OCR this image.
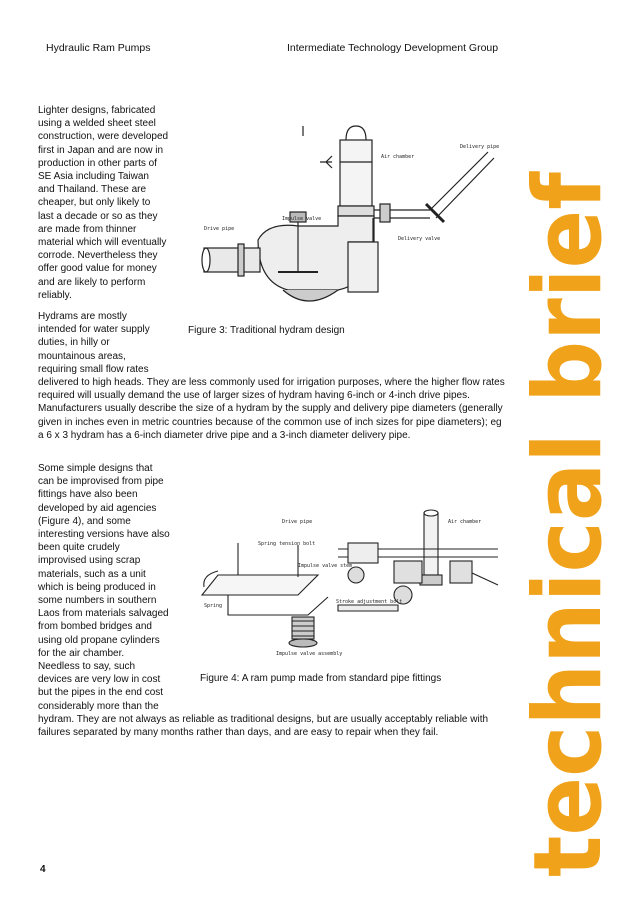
Hydraulic Ram Pumps	Intermediate Technology Development Group
Lighter designs, fabricated
using a welded sheet steel
construction, were developed
first in Japan and are now in
production in other parts of
SE Asia including Taiwan
and Thailand. These are
cheaper, but only likely to
last a decade or so as they
are made from thinner
material which will eventually
corrode. Nevertheless they
offer good value for money
and are likely to perform
reliably.
Air chamber
Delivery pipe
Impulse valve
Drive pipe
Delivery valve
Figure 3: Traditional hydram design
Hydrams are mostly
intended for water supply
duties, in hilly or
mountainous areas,
requiring small flow rates
delivered to high heads. They are less commonly used for irrigation purposes, where the higher flow rates required will usually demand the use of larger sizes of hydram having 6-inch or 4-inch drive pipes. Manufacturers usually describe the size of a hydram by the supply and delivery pipe diameters (generally given in inches even in metric countries because of the common use of inch sizes for pipe diameters); eg a 6 x 3 hydram has a 6-inch diameter drive pipe and a 3-inch diameter delivery pipe.
Some simple designs that
can be improvised from pipe
fittings have also been
developed by aid agencies
(Figure 4), and some
interesting versions have also
been quite crudely
improvised using scrap
materials, such as a unit
which is being produced in
some numbers in southern
Laos from materials salvaged
from bombed bridges and
using old propane cylinders
for the air chamber.
Needless to say, such
devices are very low in cost
but the pipes in the end cost
considerably more than the
Drive pipe	Air chamber
Spring tension bolt
Impulse valve stem
Spring
Stroke adjustment bolt
Impulse valve assembly
Figure 4: A ram pump made from standard pipe fittings
hydram. They are not always as reliable as traditional designs, but are usually acceptably reliable with failures separated by many months rather than days, and are easy to repair when they fail.
4	technical brief
